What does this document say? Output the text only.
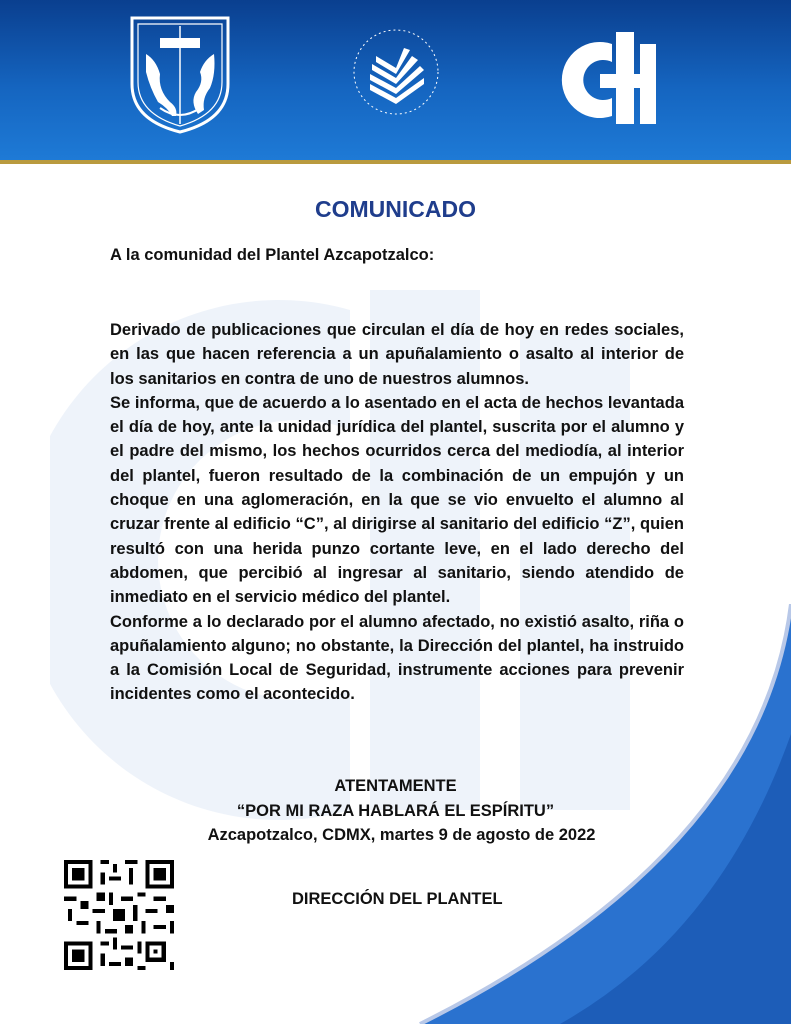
COMUNICADO
A la comunidad del Plantel Azcapotzalco:

Derivado de publicaciones que circulan el día de hoy en redes sociales, en las que hacen referencia a un apuñalamiento o asalto al interior de los sanitarios en contra de uno de nuestros alumnos.

Se informa, que de acuerdo a lo asentado en el acta de hechos levantada el día de hoy, ante la unidad jurídica del plantel, suscrita por el alumno y el padre del mismo, los hechos ocurridos cerca del mediodía, al interior del plantel, fueron resultado de la combinación de un empujón y un choque en una aglomeración, en la que se vio envuelto el alumno al cruzar frente al edificio “C”, al dirigirse al sanitario del edificio “Z”, quien resultó con una herida punzo cortante leve, en el lado derecho del abdomen, que percibió al ingresar al sanitario, siendo atendido de inmediato en el servicio médico del plantel.

Conforme a lo declarado por el alumno afectado, no existió asalto, riña o apuñalamiento alguno; no obstante, la Dirección del plantel, ha instruido a la Comisión Local de Seguridad, instrumente acciones para prevenir incidentes como el acontecido.

ATENTAMENTE
“POR MI RAZA HABLARÁ EL ESPÍRITU”
Azcapotzalco, CDMX, martes 9 de agosto de 2022
DIRECCIÓN DEL PLANTEL
